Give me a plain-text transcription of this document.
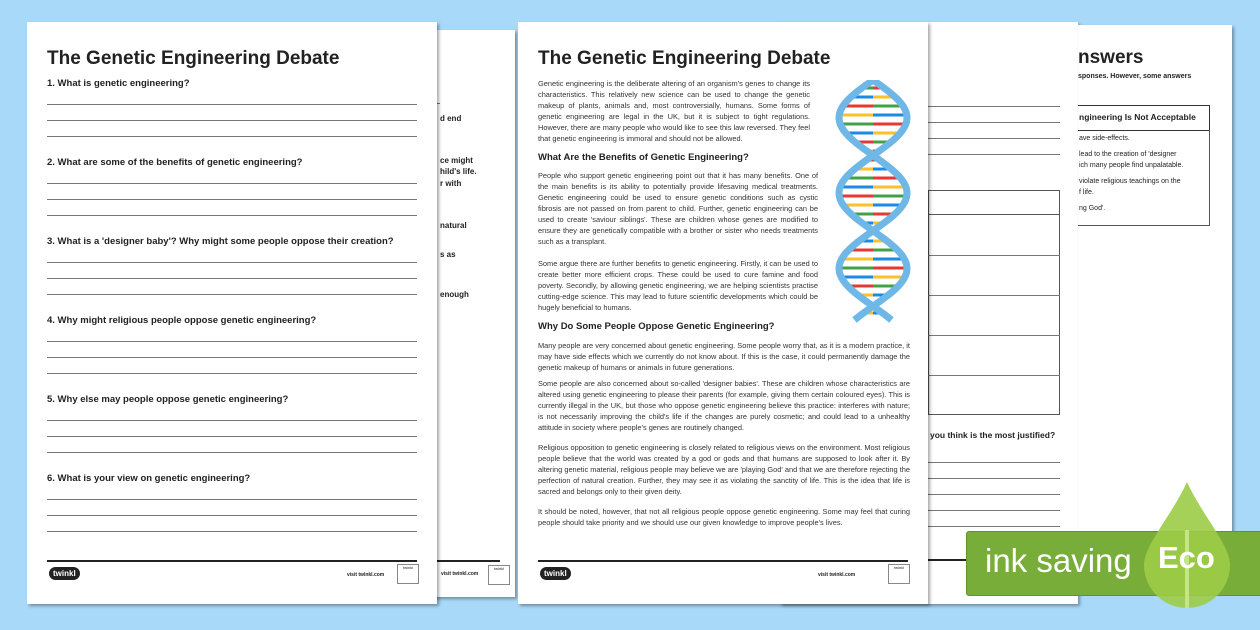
d end
ce might
hild's life.
r with
natural
s as
enough
visit twinkl.com
twinkl
The Genetic Engineering Debate
twinkl	visit twinkl.com
twinkl
1. What is genetic engineering?
2. What are some of the benefits of genetic engineering?
3. What is a 'designer baby'? Why might some people oppose their creation?
4. Why might religious people oppose genetic engineering?
5. Why else may people oppose genetic engineering?
6. What is your view on genetic engineering?
you think is the most justified?
nswers
sponses. However, some answers
ngineering Is Not Acceptable
ave side-effects.
lead to the creation of 'designer
ich many people find unpalatable.
violate religious teachings on the
f life.
ng God'.
The Genetic Engineering Debate
Genetic engineering is the deliberate altering of an organism's genes to change its characteristics. This relatively new science can be used to change the genetic makeup of plants, animals and, most controversially, humans. Some forms of genetic engineering are legal in the UK, but it is subject to tight regulations. However, there are many people who would like to see this law reversed. They feel that genetic engineering is immoral and should not be allowed.
What Are the Benefits of Genetic Engineering?
People who support genetic engineering point out that it has many benefits. One of the main benefits is its ability to potentially provide lifesaving medical treatments. Genetic engineering could be used to ensure genetic conditions such as cystic fibrosis are not passed on from parent to child. Further, genetic engineering can be used to create 'saviour siblings'. These are children whose genes are modified to ensure they are genetically compatible with a brother or sister who needs treatments such as a transplant.
Some argue there are further benefits to genetic engineering. Firstly, it can be used to create better more efficient crops. These could be used to cure famine and food poverty. Secondly, by allowing genetic engineering, we are helping scientists practise cutting-edge science. This may lead to future scientific developments which could be hugely beneficial to humans.
Why Do Some People Oppose Genetic Engineering?
Many people are very concerned about genetic engineering. Some people worry that, as it is a modern practice, it may have side effects which we currently do not know about. If this is the case, it could permanently damage the genetic makeup of humans or animals in future generations.
Some people are also concerned about so-called 'designer babies'. These are children whose characteristics are altered using genetic engineering to please their parents (for example, giving them certain coloured eyes). This is currently illegal in the UK, but those who oppose genetic engineering believe this practice: interferes with nature; is not necessarily improving the child's life if the changes are purely cosmetic; and could lead to a unhealthy attitude in society where people's genes are routinely changed.
Religious opposition to genetic engineering is closely related to religious views on the environment. Most religious people believe that the world was created by a god or gods and that humans are supposed to look after it. By altering genetic material, religious people may believe we are 'playing God' and that we are therefore rejecting the perfection of natural creation. Further, they may see it as violating the sanctity of life. This is the idea that life is sacred and belongs only to their given deity.
It should be noted, however, that not all religious people oppose genetic engineering. Some may feel that curing people should take priority and we should use our given knowledge to improve people's lives.
twinkl	visit twinkl.com
twinkl ink saving Eco
